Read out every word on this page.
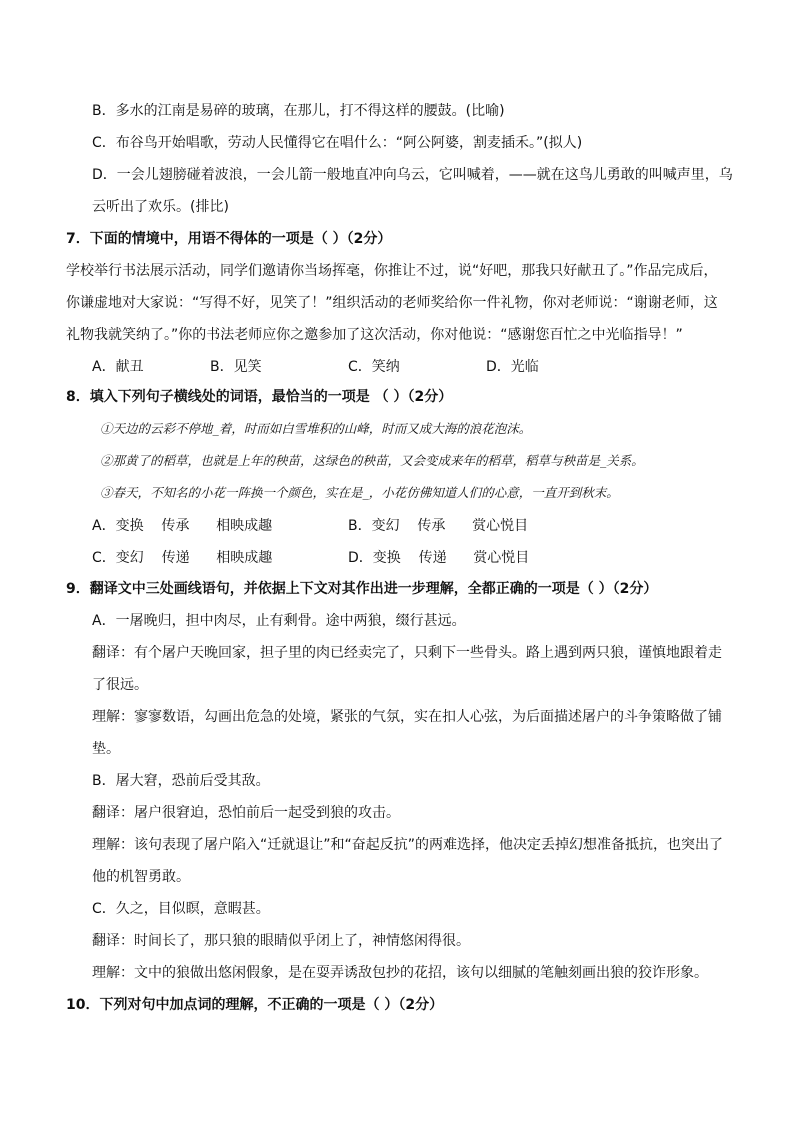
B．多水的江南是易碎的玻璃，在那儿，打不得这样的腰鼓。(比喻)
C．布谷鸟开始唱歌，劳动人民懂得它在唱什么：“阿公阿婆，割麦插禾。”(拟人)
D．一会儿翅膀碰着波浪，一会儿箭一般地直冲向乌云，它叫喊着，——就在这鸟儿勇敢的叫喊声里，乌
云听出了欢乐。(排比)
7．下面的情境中，用语不得体的一项是（ ）（2分）
学校举行书法展示活动，同学们邀请你当场挥毫，你推让不过，说“好吧，那我只好献丑了。”作品完成后，
你谦虚地对大家说：“写得不好，见笑了！”组织活动的老师奖给你一件礼物，你对老师说：“谢谢老师，这
礼物我就笑纳了。”你的书法老师应你之邀参加了这次活动，你对他说：“感谢您百忙之中光临指导！”
A．献丑	B．见笑	C．笑纳	D．光临
8．填入下列句子横线处的词语，最恰当的一项是 （ ）（2分）
①天边的云彩不停地_着，时而如白雪堆积的山峰，时而又成大海的浪花泡沫。
②那黄了的稻草，也就是上年的秧苗，这绿色的秧苗，又会变成来年的稻草，稻草与秧苗是_关系。
③春天，不知名的小花一阵换一个颜色，实在是_，小花仿佛知道人们的心意，一直开到秋末。
A．变换    传承      相映成趣	B．变幻    传承      赏心悦目
C．变幻    传递      相映成趣	D．变换    传递      赏心悦目
9．翻译文中三处画线语句，并依据上下文对其作出进一步理解，全都正确的一项是（ ）（2分）
A．一屠晚归，担中肉尽，止有剩骨。途中两狼，缀行甚远。
翻译：有个屠户天晚回家，担子里的肉已经卖完了，只剩下一些骨头。路上遇到两只狼，谨慎地跟着走
了很远。
理解：寥寥数语，勾画出危急的处境，紧张的气氛，实在扣人心弦，为后面描述屠户的斗争策略做了铺
垫。
B．屠大窘，恐前后受其敌。
翻译：屠户很窘迫，恐怕前后一起受到狼的攻击。
理解：该句表现了屠户陷入“迁就退让”和“奋起反抗”的两难选择，他决定丢掉幻想准备抵抗，也突出了
他的机智勇敢。
C．久之，目似瞑，意暇甚。
翻译：时间长了，那只狼的眼睛似乎闭上了，神情悠闲得很。
理解：文中的狼做出悠闲假象，是在耍弄诱敌包抄的花招，该句以细腻的笔触刻画出狼的狡诈形象。
10．下列对句中加点词的理解，不正确的一项是（ ）（2分）
